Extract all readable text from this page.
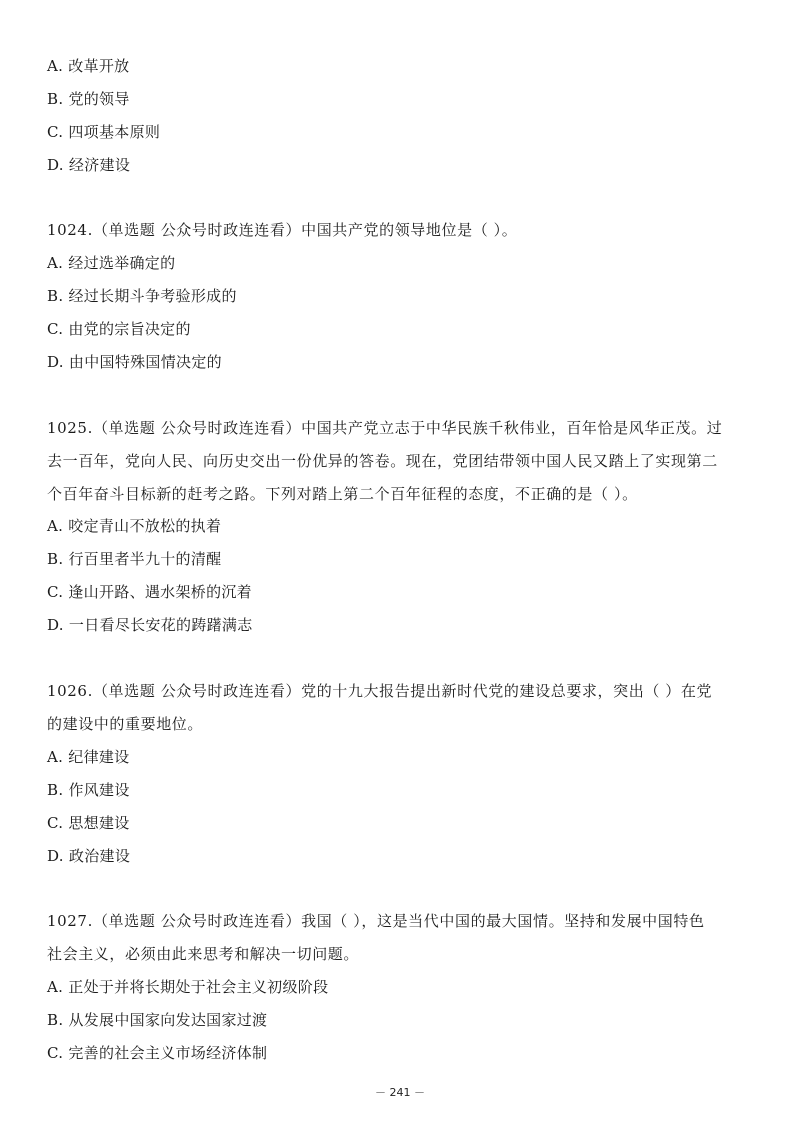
A. 改革开放
B. 党的领导
C. 四项基本原则
D. 经济建设
1024.（单选题 公众号时政连连看）中国共产党的领导地位是（ ）。
A. 经过选举确定的
B. 经过长期斗争考验形成的
C. 由党的宗旨决定的
D. 由中国特殊国情决定的
1025.（单选题 公众号时政连连看）中国共产党立志于中华民族千秋伟业，百年恰是风华正茂。过
去一百年，党向人民、向历史交出一份优异的答卷。现在，党团结带领中国人民又踏上了实现第二
个百年奋斗目标新的赶考之路。下列对踏上第二个百年征程的态度，不正确的是（ ）。
A. 咬定青山不放松的执着
B. 行百里者半九十的清醒
C. 逢山开路、遇水架桥的沉着
D. 一日看尽长安花的踌躇满志
1026.（单选题 公众号时政连连看）党的十九大报告提出新时代党的建设总要求，突出（ ）在党
的建设中的重要地位。
A. 纪律建设
B. 作风建设
C. 思想建设
D. 政治建设
1027.（单选题 公众号时政连连看）我国（ ），这是当代中国的最大国情。坚持和发展中国特色
社会主义，必须由此来思考和解决一切问题。
A. 正处于并将长期处于社会主义初级阶段
B. 从发展中国家向发达国家过渡
C. 完善的社会主义市场经济体制
－ 241 －
